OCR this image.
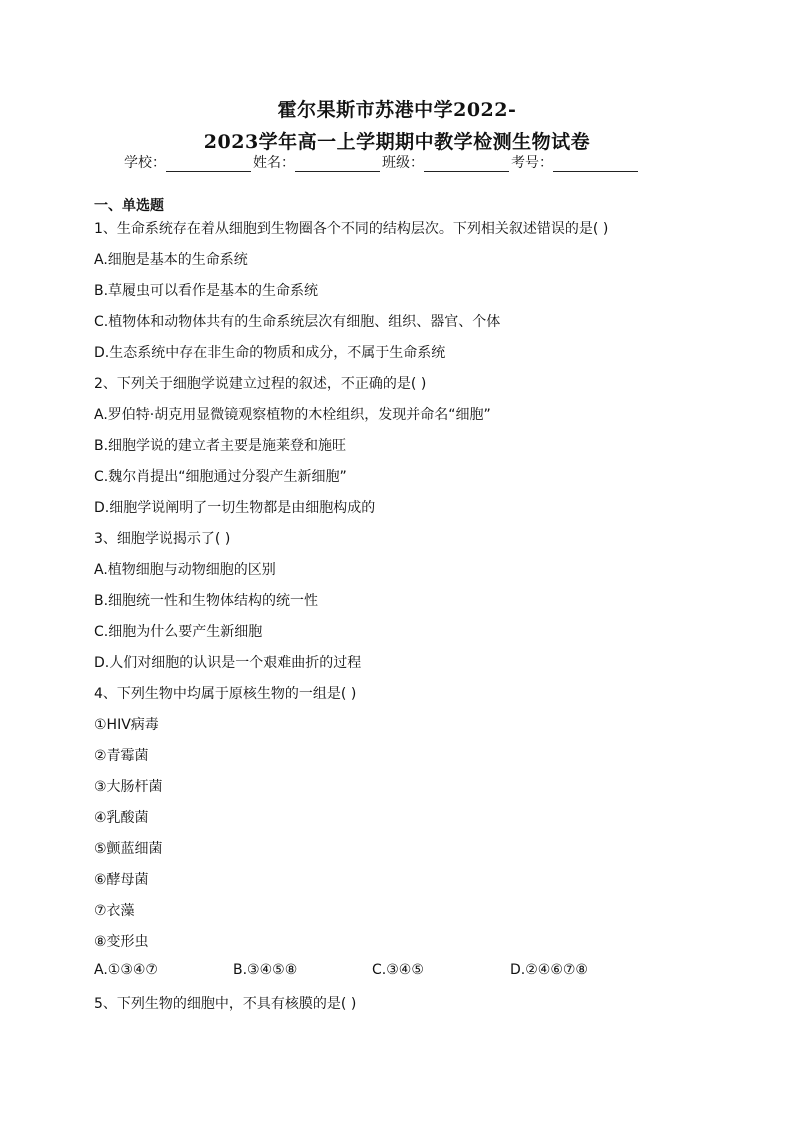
霍尔果斯市苏港中学2022-
2023学年高一上学期期中教学检测生物试卷
学校：	姓名：	班级：	考号：
一、单选题
1、生命系统存在着从细胞到生物圈各个不同的结构层次。下列相关叙述错误的是( )
A.细胞是基本的生命系统
B.草履虫可以看作是基本的生命系统
C.植物体和动物体共有的生命系统层次有细胞、组织、器官、个体
D.生态系统中存在非生命的物质和成分，不属于生命系统
2、下列关于细胞学说建立过程的叙述，不正确的是( )
A.罗伯特·胡克用显微镜观察植物的木栓组织，发现并命名“细胞”
B.细胞学说的建立者主要是施莱登和施旺
C.魏尔肖提出“细胞通过分裂产生新细胞”
D.细胞学说阐明了一切生物都是由细胞构成的
3、细胞学说揭示了( )
A.植物细胞与动物细胞的区别
B.细胞统一性和生物体结构的统一性
C.细胞为什么要产生新细胞
D.人们对细胞的认识是一个艰难曲折的过程
4、下列生物中均属于原核生物的一组是( )
①HIV病毒
②青霉菌
③大肠杆菌
④乳酸菌
⑤颤蓝细菌
⑥酵母菌
⑦衣藻
⑧变形虫
A.①③④⑦	B.③④⑤⑧	C.③④⑤	D.②④⑥⑦⑧
5、下列生物的细胞中，不具有核膜的是( )
